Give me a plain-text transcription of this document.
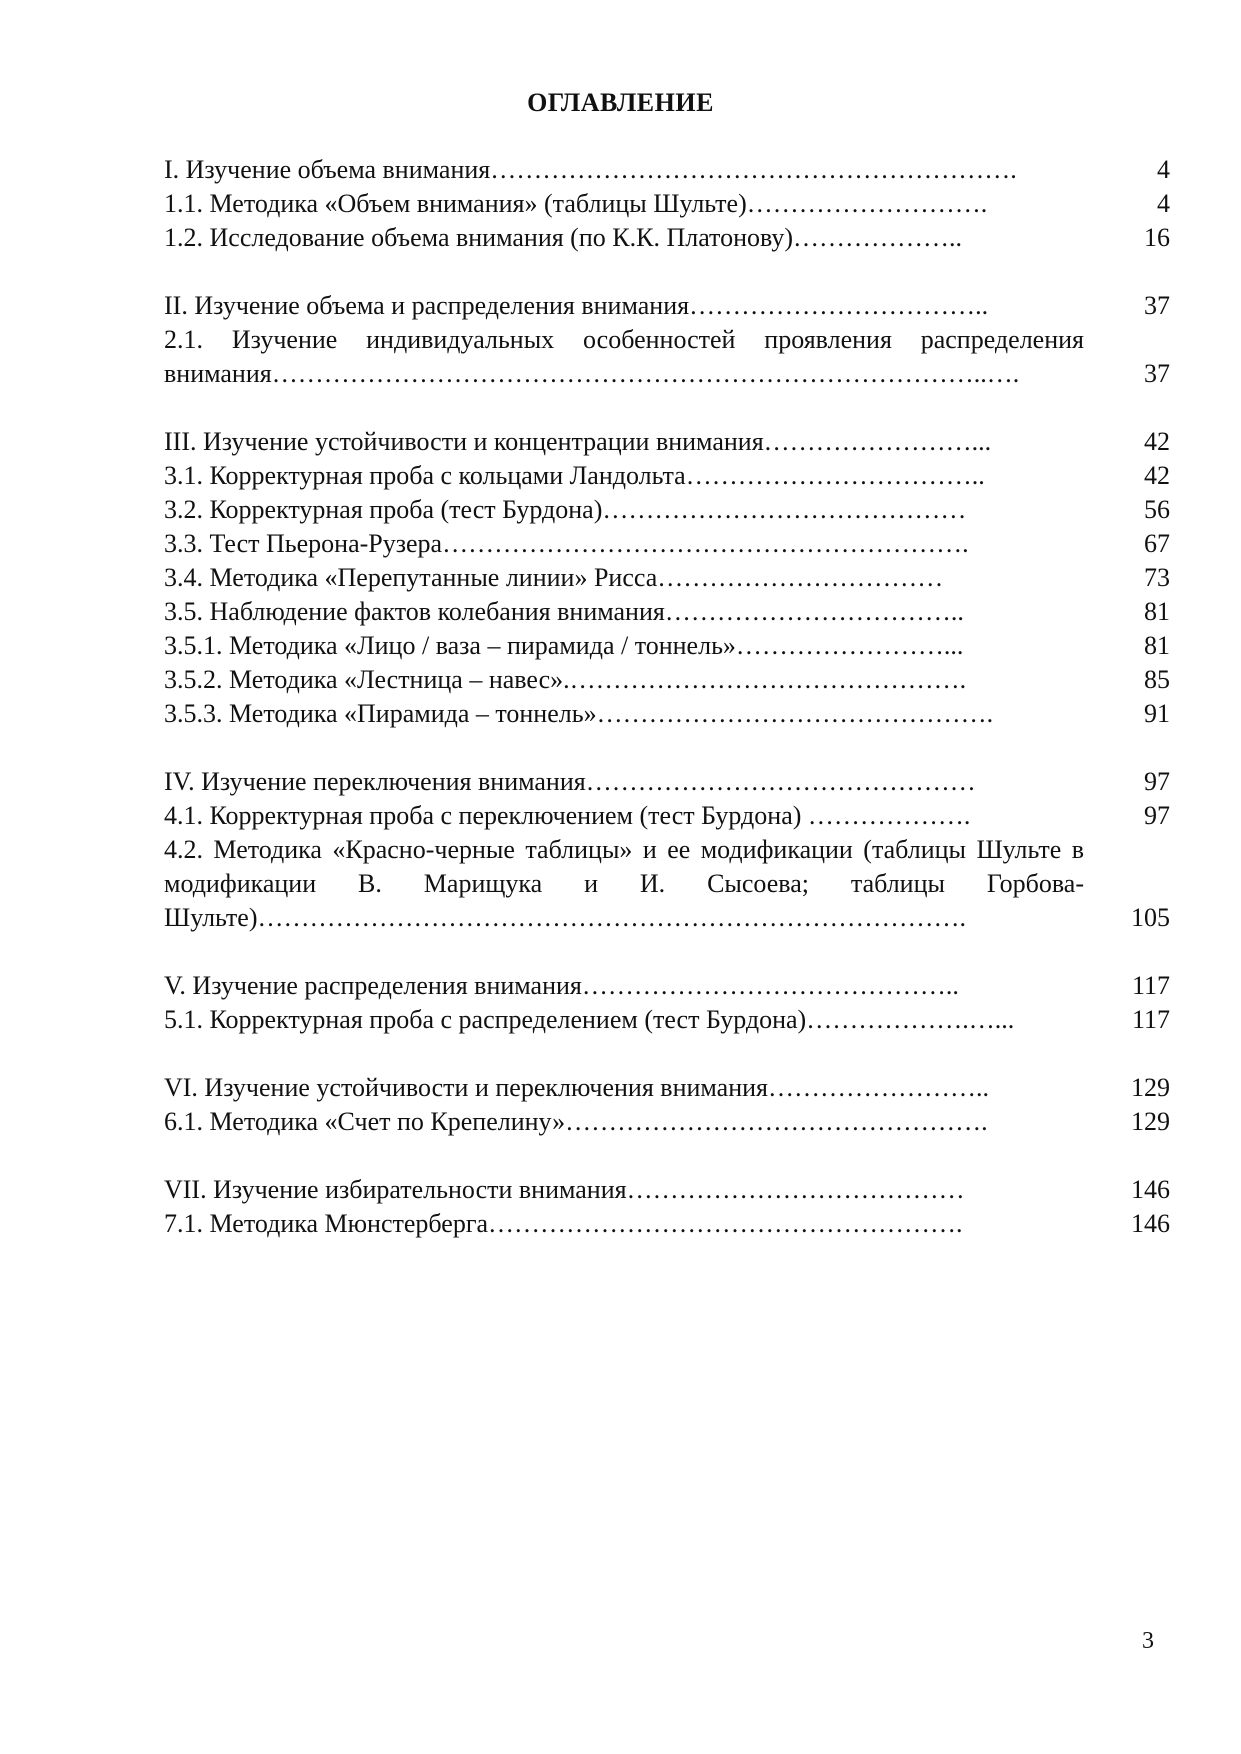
ОГЛАВЛЕНИЕ
I. Изучение объема внимания…………………………………………………….	4
1.1. Методика «Объем внимания» (таблицы Шульте)……………………….	4
1.2. Исследование объема внимания (по К.К. Платонову)………………..	16
II. Изучение объема и распределения внимания……………………………..	37
2.1. Изучение индивидуальных особенностей проявления распределения внимания………………………………………………………………………..….	37
III. Изучение устойчивости и концентрации внимания……………………...	42
3.1. Корректурная проба с кольцами Ландольта……………………………..	42
3.2. Корректурная проба (тест Бурдона)……………………………………	56
3.3. Тест Пьерона-Рузера…………………………………………………….	67
3.4. Методика «Перепутанные линии» Рисса……………………………	73
3.5. Наблюдение фактов колебания внимания……………………………..	81
3.5.1. Методика «Лицо / ваза – пирамида / тоннель»……………………...	81
3.5.2. Методика «Лестница – навес».……………………………………….	85
3.5.3. Методика «Пирамида – тоннель»……………………………………….	91
IV. Изучение переключения внимания………………………………………	97
4.1. Корректурная проба с переключением (тест Бурдона) ……………….	97
4.2. Методика «Красно-черные таблицы» и ее модификации (таблицы Шульте в модификации В. Марищука и И. Сысоева; таблицы Горбова-Шульте)……………………………………………………………………….	105
V. Изучение распределения внимания……………………………………..	117
5.1. Корректурная проба с распределением (тест Бурдона)……………….…...	117
VI. Изучение устойчивости и переключения внимания……………………..	129
6.1. Методика «Счет по Крепелину»………………………………………….	129
VII. Изучение избирательности внимания…………………………………	146
7.1. Методика Мюнстерберга……………………………………………….	146
3
